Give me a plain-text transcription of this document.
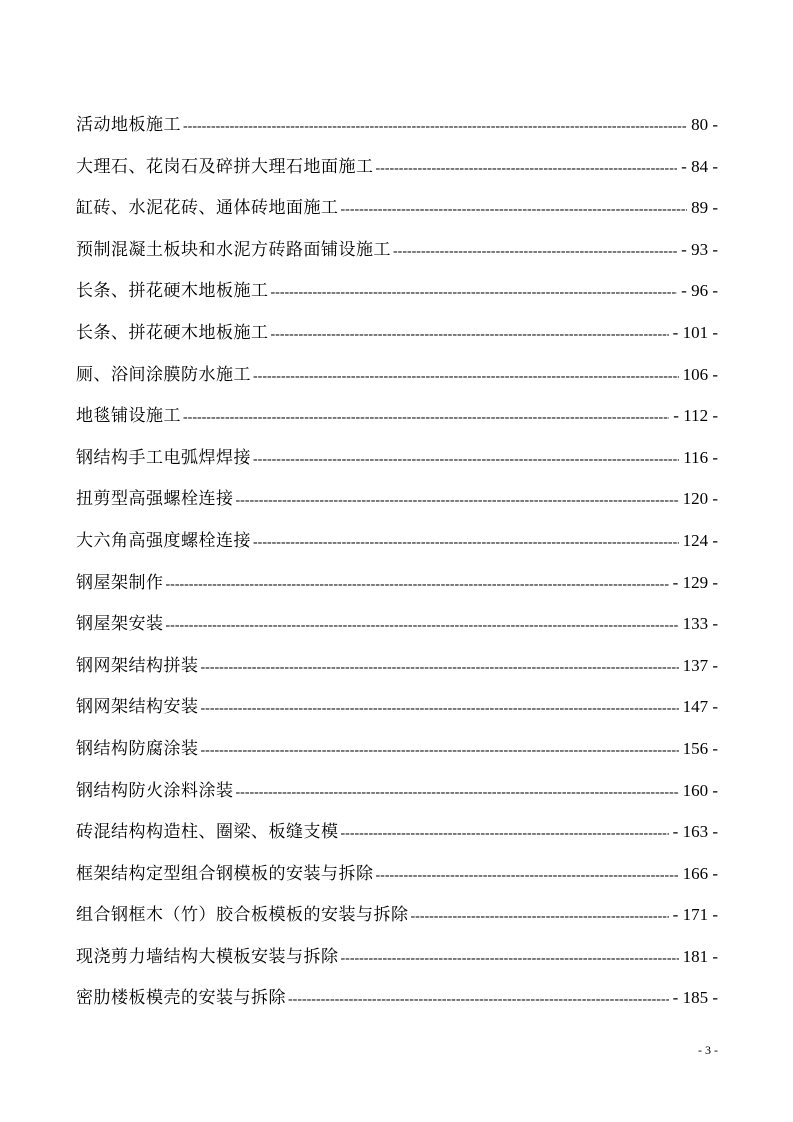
活动地板施工 -----	80 -
大理石、花岗石及碎拼大理石地面施工 -----	- 84 -
缸砖、水泥花砖、通体砖地面施工 -----	89 -
预制混凝土板块和水泥方砖路面铺设施工 -----	- 93 -
长条、拼花硬木地板施工 -----	- 96 -
长条、拼花硬木地板施工 -----	- 101 -
厕、浴间涂膜防水施工 -----	106 -
地毯铺设施工 -----	- 112 -
钢结构手工电弧焊焊接 -----	116 -
扭剪型高强螺栓连接 -----	120 -
大六角高强度螺栓连接 -----	124 -
钢屋架制作 -----	- 129 -
钢屋架安装 -----	133 -
钢网架结构拼装 -----	137 -
钢网架结构安装 -----	147 -
钢结构防腐涂装 -----	156 -
钢结构防火涂料涂装 -----	160 -
砖混结构构造柱、圈梁、板缝支模 -----	- 163 -
框架结构定型组合钢模板的安装与拆除 -----	166 -
组合钢框木（竹）胶合板模板的安装与拆除 -----	- 171 -
现浇剪力墙结构大模板安装与拆除 -----	181 -
密肋楼板模壳的安装与拆除 -----	- 185 -
- 3 -
